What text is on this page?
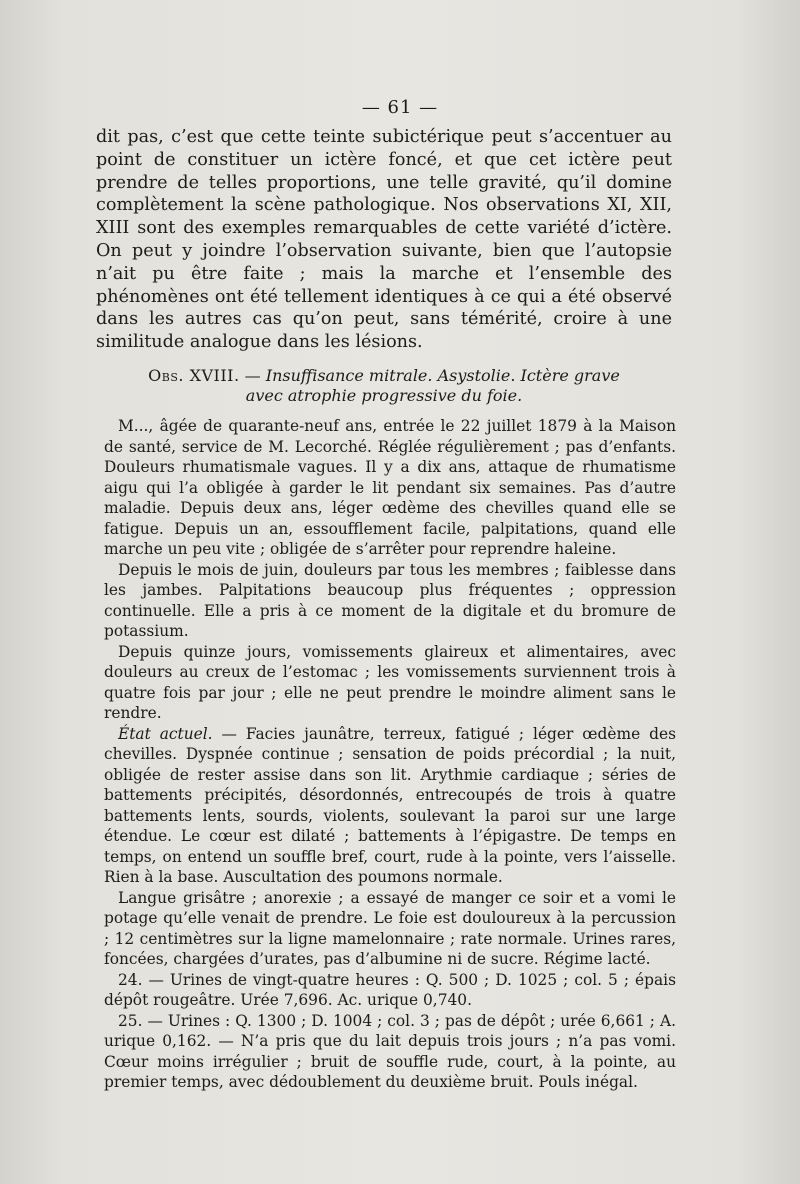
— 61 —

dit pas, c’est que cette teinte subictérique peut s’accentuer au point de constituer un ictère foncé, et que cet ictère peut prendre de telles proportions, une telle gravité, qu’il domine complètement la scène pathologique. Nos observations XI, XII, XIII sont des exemples remarquables de cette variété d’ictère. On peut y joindre l’observation suivante, bien que l’autopsie n’ait pu être faite ; mais la marche et l’ensemble des phénomènes ont été tellement identiques à ce qui a été observé dans les autres cas qu’on peut, sans témérité, croire à une similitude analogue dans les lésions.

Obs. XVIII. — Insuffisance mitrale. Asystolie. Ictère grave
avec atrophie progressive du foie.

M..., âgée de quarante-neuf ans, entrée le 22 juillet 1879 à la Maison de santé, service de M. Lecorché. Réglée régulièrement ; pas d’enfants. Douleurs rhumatismale vagues. Il y a dix ans, attaque de rhumatisme aigu qui l’a obligée à garder le lit pendant six semaines. Pas d’autre maladie. Depuis deux ans, léger œdème des chevilles quand elle se fatigue. Depuis un an, essoufflement facile, palpitations, quand elle marche un peu vite ; obligée de s’arrêter pour reprendre haleine.

Depuis le mois de juin, douleurs par tous les membres ; faiblesse dans les jambes. Palpitations beaucoup plus fréquentes ; oppression continuelle. Elle a pris à ce moment de la digitale et du bromure de potassium.

Depuis quinze jours, vomissements glaireux et alimentaires, avec douleurs au creux de l’estomac ; les vomissements surviennent trois à quatre fois par jour ; elle ne peut prendre le moindre aliment sans le rendre.

État actuel. — Facies jaunâtre, terreux, fatigué ; léger œdème des chevilles. Dyspnée continue ; sensation de poids précordial ; la nuit, obligée de rester assise dans son lit. Arythmie cardiaque ; séries de battements précipités, désordonnés, entrecoupés de trois à quatre battements lents, sourds, violents, soulevant la paroi sur une large étendue. Le cœur est dilaté ; battements à l’épigastre. De temps en temps, on entend un souffle bref, court, rude à la pointe, vers l’aisselle. Rien à la base. Auscultation des poumons normale.

Langue grisâtre ; anorexie ; a essayé de manger ce soir et a vomi le potage qu’elle venait de prendre. Le foie est douloureux à la percussion ; 12 centimètres sur la ligne mamelonnaire ; rate normale. Urines rares, foncées, chargées d’urates, pas d’albumine ni de sucre. Régime lacté.

24. — Urines de vingt-quatre heures : Q. 500 ; D. 1025 ; col. 5 ; épais dépôt rougeâtre. Urée 7,696. Ac. urique 0,740.

25. — Urines : Q. 1300 ; D. 1004 ; col. 3 ; pas de dépôt ; urée 6,661 ; A. urique 0,162. — N’a pris que du lait depuis trois jours ; n’a pas vomi. Cœur moins irrégulier ; bruit de souffle rude, court, à la pointe, au premier temps, avec dédoublement du deuxième bruit. Pouls inégal.
